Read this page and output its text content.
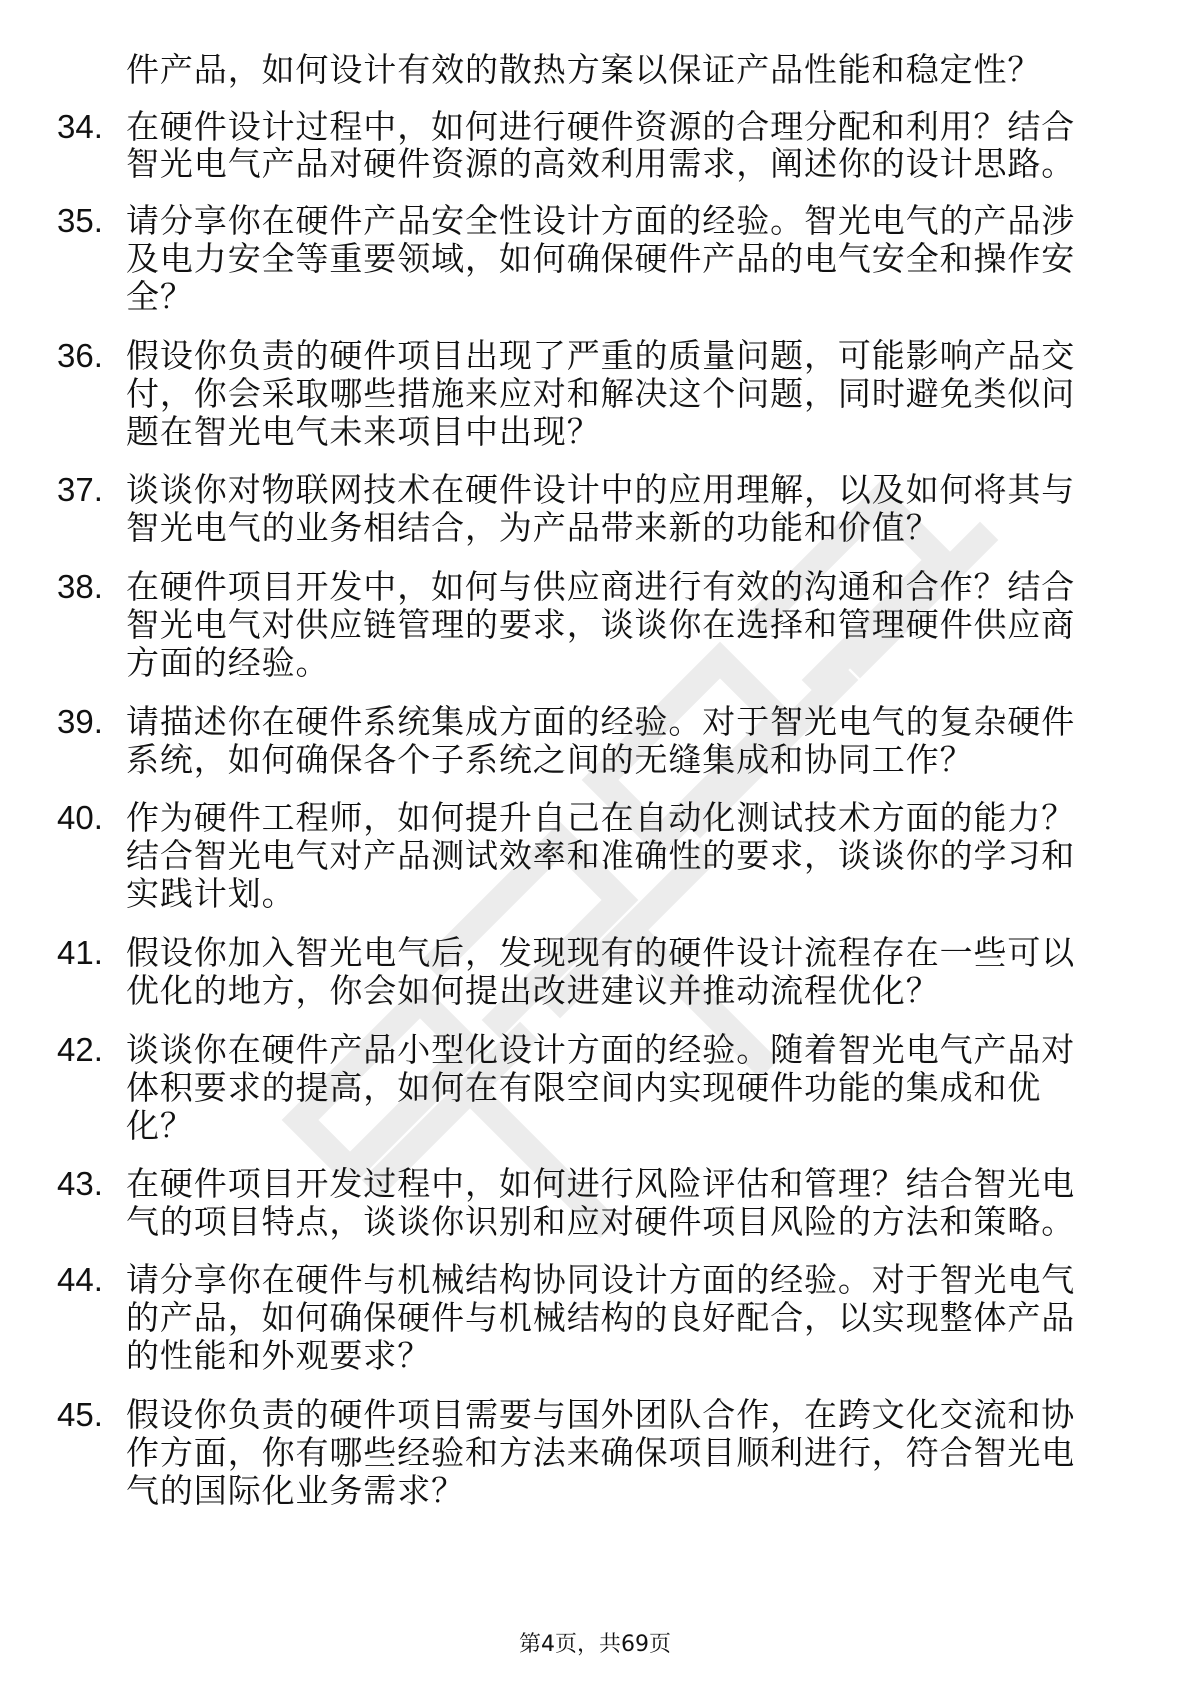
件产品，如何设计有效的散热方案以保证产品性能和稳定性？
34. 在硬件设计过程中，如何进行硬件资源的合理分配和利用？结合
智光电气产品对硬件资源的高效利用需求，阐述你的设计思路。
35. 请分享你在硬件产品安全性设计方面的经验。智光电气的产品涉
及电力安全等重要领域，如何确保硬件产品的电气安全和操作安
全？
36. 假设你负责的硬件项目出现了严重的质量问题，可能影响产品交
付，你会采取哪些措施来应对和解决这个问题，同时避免类似问
题在智光电气未来项目中出现？
37. 谈谈你对物联网技术在硬件设计中的应用理解，以及如何将其与
智光电气的业务相结合，为产品带来新的功能和价值？
38. 在硬件项目开发中，如何与供应商进行有效的沟通和合作？结合
智光电气对供应链管理的要求，谈谈你在选择和管理硬件供应商
方面的经验。
39. 请描述你在硬件系统集成方面的经验。对于智光电气的复杂硬件
系统，如何确保各个子系统之间的无缝集成和协同工作？
40. 作为硬件工程师，如何提升自己在自动化测试技术方面的能力？
结合智光电气对产品测试效率和准确性的要求，谈谈你的学习和
实践计划。
41. 假设你加入智光电气后，发现现有的硬件设计流程存在一些可以
优化的地方，你会如何提出改进建议并推动流程优化？
42. 谈谈你在硬件产品小型化设计方面的经验。随着智光电气产品对
体积要求的提高，如何在有限空间内实现硬件功能的集成和优
化？
43. 在硬件项目开发过程中，如何进行风险评估和管理？结合智光电
气的项目特点，谈谈你识别和应对硬件项目风险的方法和策略。
44. 请分享你在硬件与机械结构协同设计方面的经验。对于智光电气
的产品，如何确保硬件与机械结构的良好配合，以实现整体产品
的性能和外观要求？
45. 假设你负责的硬件项目需要与国外团队合作，在跨文化交流和协
作方面，你有哪些经验和方法来确保项目顺利进行，符合智光电
气的国际化业务需求？
第4页，共69页
